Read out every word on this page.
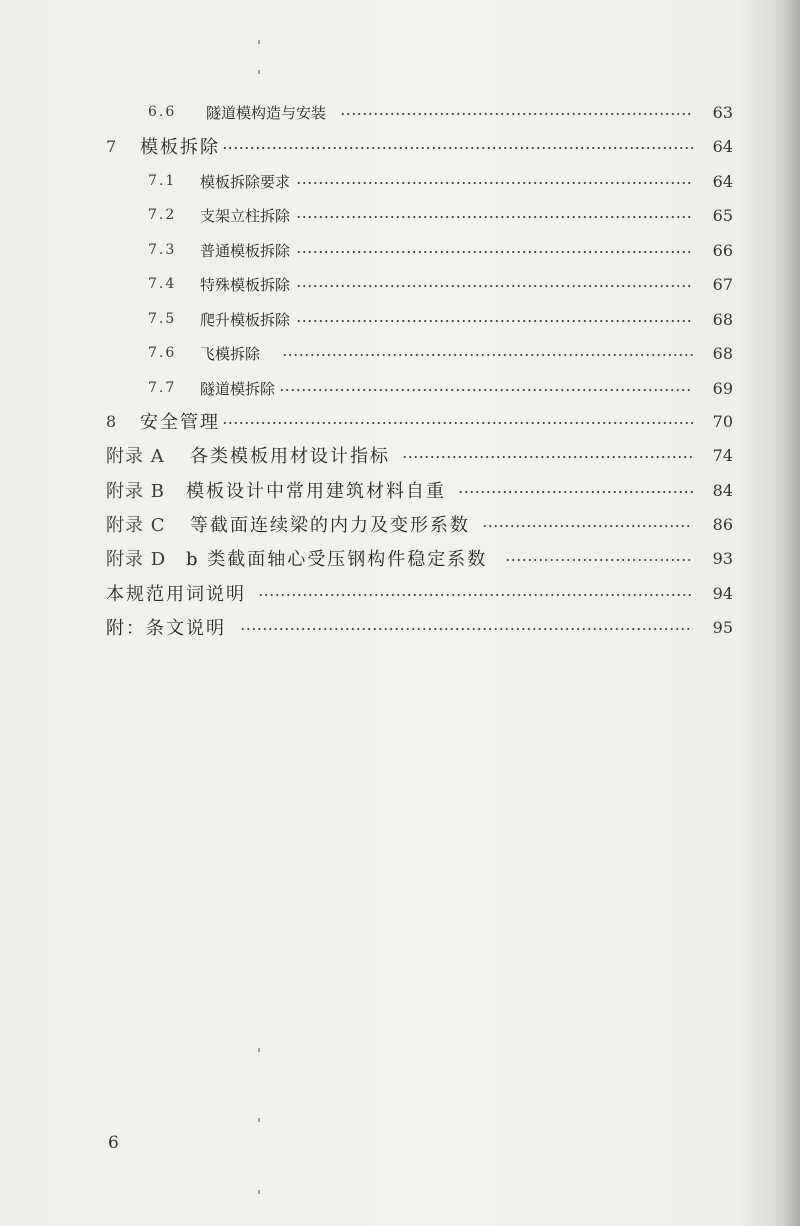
6.6	隧道模构造与安装	63
7	模板拆除	64
7.1	模板拆除要求	64
7.2	支架立柱拆除	65
7.3	普通模板拆除	66
7.4	特殊模板拆除	67
7.5	爬升模板拆除	68
7.6	飞模拆除	68
7.7	隧道模拆除	69
8	安全管理	70
附录 A	各类模板用材设计指标	74
附录 B	模板设计中常用建筑材料自重	84
附录 C	等截面连续梁的内力及变形系数	86
附录 D	b 类截面轴心受压钢构件稳定系数	93
本规范用词说明	94
附：条文说明	95
6
